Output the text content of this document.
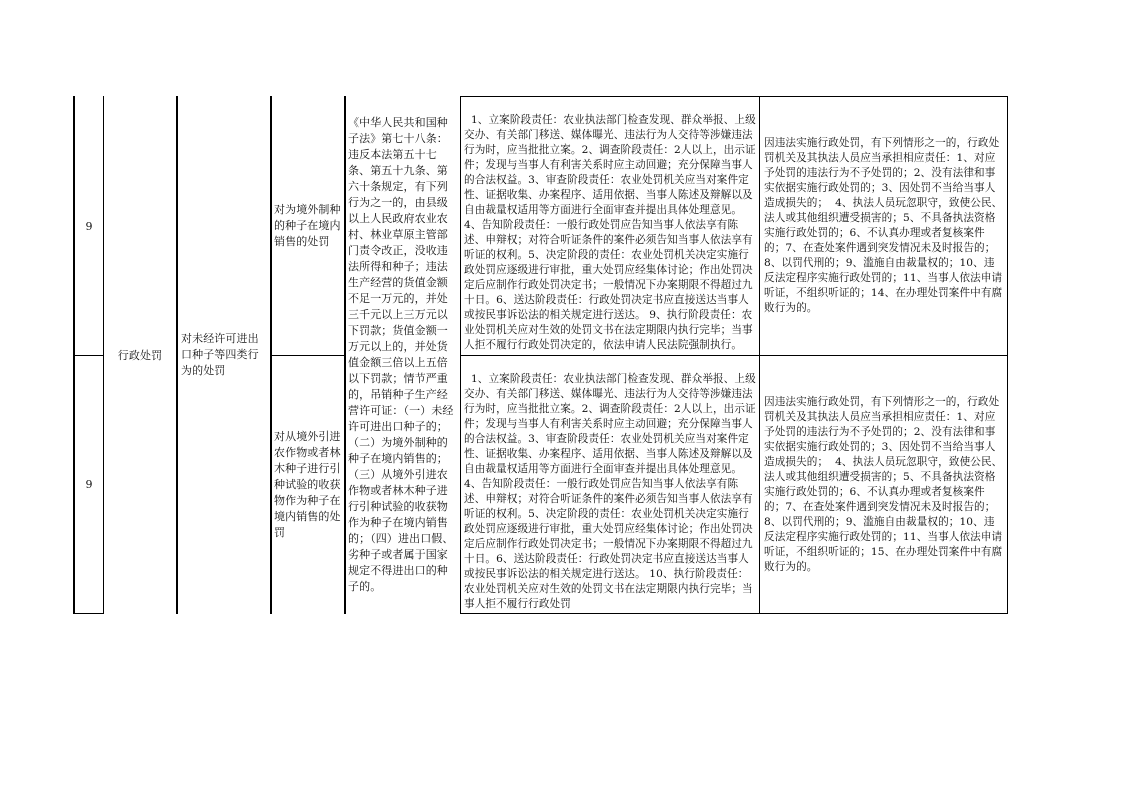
9
9
行政处罚
对未经许可进出口种子等四类行为的处罚
对为境外制种的种子在境内销售的处罚
对从境外引进农作物或者林木种子进行引种试验的收获物作为种子在境内销售的处罚
《中华人民共和国种子法》第七十八条：违反本法第五十七条、第五十九条、第六十条规定，有下列行为之一的，由县级以上人民政府农业农村、林业草原主管部门责令改正，没收违法所得和种子；违法生产经营的货值金额不足一万元的，并处三千元以上三万元以下罚款；货值金额一万元以上的，并处货值金额三倍以上五倍以下罚款；情节严重的，吊销种子生产经营许可证：（一）未经许可进出口种子的；（二）为境外制种的种子在境内销售的；（三）从境外引进农作物或者林木种子进行引种试验的收获物作为种子在境内销售的；（四）进出口假、劣种子或者属于国家规定不得进出口的种子的。

1、立案阶段责任：农业执法部门检查发现、群众举报、上级交办、有关部门移送、媒体曝光、违法行为人交待等涉嫌违法行为时，应当批批立案。2、调查阶段责任：2人以上，出示证件；发现与当事人有利害关系时应主动回避；充分保障当事人的合法权益。3、审查阶段责任：农业处罚机关应当对案件定性、证据收集、办案程序、适用依据、当事人陈述及辩解以及自由裁量权适用等方面进行全面审查并提出具体处理意见。4、告知阶段责任：一般行政处罚应告知当事人依法享有陈述、申辩权；对符合听证条件的案件必须告知当事人依法享有听证的权利。5、决定阶段的责任：农业处罚机关决定实施行政处罚应逐级进行审批，重大处罚应经集体讨论；作出处罚决定后应制作行政处罚决定书；一般情况下办案期限不得超过九十日。6、送达阶段责任：行政处罚决定书应直接送达当事人或按民事诉讼法的相关规定进行送达。 9、执行阶段责任：农业处罚机关应对生效的处罚文书在法定期限内执行完毕；当事人拒不履行行政处罚决定的，依法申请人民法院强制执行。

1、立案阶段责任：农业执法部门检查发现、群众举报、上级交办、有关部门移送、媒体曝光、违法行为人交待等涉嫌违法行为时，应当批批立案。2、调查阶段责任：2人以上，出示证件；发现与当事人有利害关系时应主动回避；充分保障当事人的合法权益。3、审查阶段责任：农业处罚机关应当对案件定性、证据收集、办案程序、适用依据、当事人陈述及辩解以及自由裁量权适用等方面进行全面审查并提出具体处理意见。4、告知阶段责任：一般行政处罚应告知当事人依法享有陈述、申辩权；对符合听证条件的案件必须告知当事人依法享有听证的权利。5、决定阶段的责任：农业处罚机关决定实施行政处罚应逐级进行审批，重大处罚应经集体讨论；作出处罚决定后应制作行政处罚决定书；一般情况下办案期限不得超过九十日。6、送达阶段责任：行政处罚决定书应直接送达当事人或按民事诉讼法的相关规定进行送达。 10、执行阶段责任：农业处罚机关应对生效的处罚文书在法定期限内执行完毕；当事人拒不履行行政处罚

因违法实施行政处罚，有下列情形之一的，行政处罚机关及其执法人员应当承担相应责任：1、对应予处罚的违法行为不予处罚的；2、没有法律和事实依据实施行政处罚的；3、因处罚不当给当事人造成损失的；  4、执法人员玩忽职守，致使公民、法人或其他组织遭受损害的；5、不具备执法资格实施行政处罚的；6、不认真办理或者复核案件的；7、在查处案件遇到突发情况未及时报告的；8、以罚代刑的；9、滥施自由裁量权的；10、违反法定程序实施行政处罚的；11、当事人依法申请听证，不组织听证的；14、在办理处罚案件中有腐败行为的。
因违法实施行政处罚，有下列情形之一的，行政处罚机关及其执法人员应当承担相应责任：1、对应予处罚的违法行为不予处罚的；2、没有法律和事实依据实施行政处罚的；3、因处罚不当给当事人造成损失的；  4、执法人员玩忽职守，致使公民、法人或其他组织遭受损害的；5、不具备执法资格实施行政处罚的；6、不认真办理或者复核案件的；7、在查处案件遇到突发情况未及时报告的；8、以罚代刑的；9、滥施自由裁量权的；10、违反法定程序实施行政处罚的；11、当事人依法申请听证，不组织听证的；15、在办理处罚案件中有腐败行为的。
